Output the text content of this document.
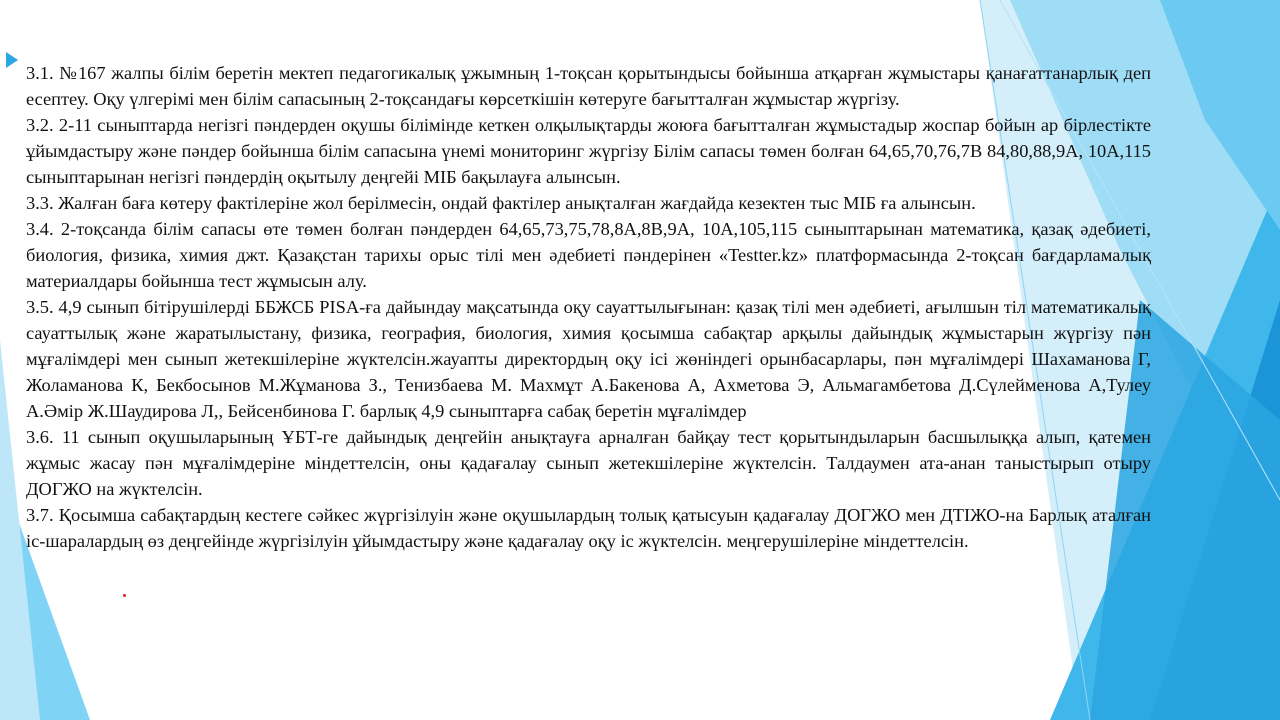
3.1. №167 жалпы білім беретін мектеп педагогикалық ұжымның 1-тоқсан қорытындысы бойынша атқарған жұмыстары қанағаттанарлық деп есептеу. Оқу үлгерімі мен білім сапасының 2-тоқсандағы көрсеткішін көтеруге бағытталған жұмыстар жүргізу.

3.2. 2-11 сыныптарда негізгі пәндерден оқушы білімінде кеткен олқылықтарды жоюға бағытталған жұмыстадыр жоспар бойын ар бірлестікте ұйымдастыру және пәндер бойынша білім сапасына үнемі мониторинг жүргізу Білім сапасы төмен болған 64,65,70,76,7В 84,80,88,9А, 10А,115 сыныптарынан негізгі пәндердің оқытылу деңгейі МІБ бақылауға алынсын.

3.3. Жалған баға көтеру фактілеріне жол берілмесін, ондай фактілер анықталған жағдайда кезектен тыс МІБ ға алынсын.

3.4. 2-тоқсанда білім сапасы өте төмен болған пәндерден 64,65,73,75,78,8А,8В,9А, 10А,105,115 сыныптарынан математика, қазақ әдебиеті, биология, физика, химия джт. Қазақстан тарихы орыс тілі мен әдебиеті пәндерінен «Testter.kz» платформасында 2-тоқсан бағдарламалық материалдары бойынша тест жұмысын алу.

3.5. 4,9 сынып бітірушілерді ББЖСБ PISA-ға дайындау мақсатында оқу сауаттылығынан: қазақ тілі мен әдебиеті, ағылшын тіл математикалық сауаттылық және жаратылыстану, физика, география, биология, химия қосымша сабақтар арқылы дайындық жұмыстарын жүргізу пән мұғалімдері мен сынып жетекшілеріне жүктелсін.жауапты директордың оқу ісі жөніндегі орынбасарлары, пән мұғалімдері Шахаманова Г, Жоламанова К, Бекбосынов М.Жұманова З., Тенизбаева М. Махмұт А.Бакенова А, Ахметова Э, Альмагамбетова Д.Сүлейменова А,Тулеу А.Әмір Ж.Шаудирова Л,, Бейсенбинова Г. барлық 4,9 сыныптарға сабақ беретін мұғалімдер

3.6. 11 сынып оқушыларының ҰБТ-ге дайындық деңгейін анықтауға арналған байқау тест қорытындыларын басшылыққа алып, қатемен жұмыс жасау пән мұғалімдеріне міндеттелсін, оны қадағалау сынып жетекшілеріне жүктелсін. Талдаумен ата-анан таныстырып отыру ДОГЖО на жүктелсін.

3.7. Қосымша сабақтардың кестеге сәйкес жүргізілуін және оқушылардың толық қатысуын қадағалау ДОГЖО мен ДТІЖО-на Барлық аталған іс-шаралардың өз деңгейінде жүргізілуін ұйымдастыру және қадағалау оқу іс жүктелсін. меңгерушілеріне міндеттелсін.
